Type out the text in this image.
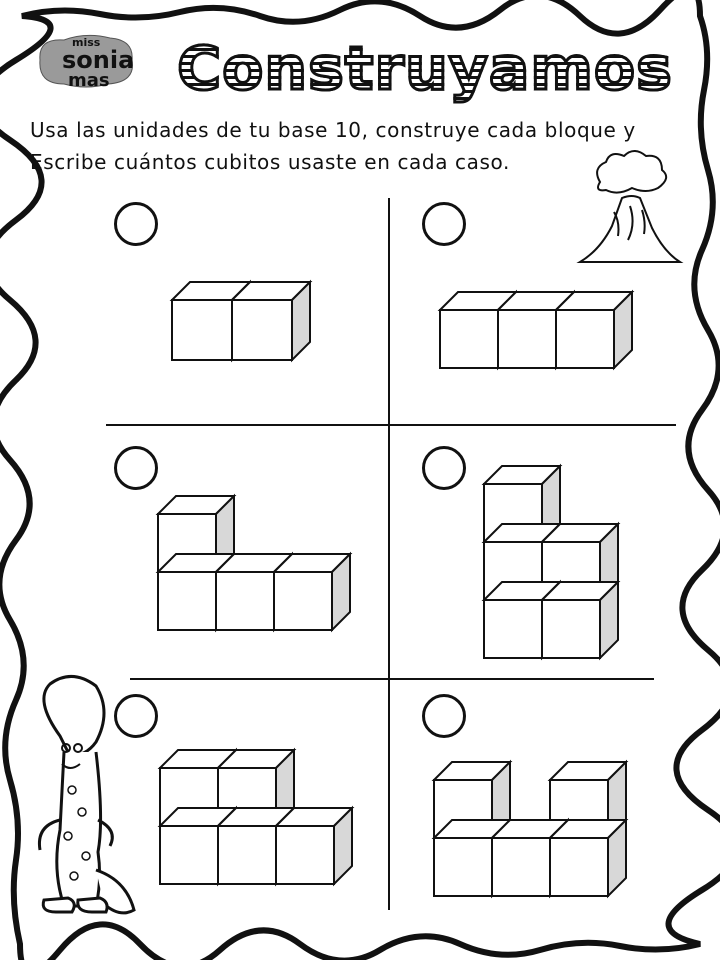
miss
sonia
mas Construyamos
Usa las unidades de tu base 10, construye cada bloque y
Escribe cuántos cubitos usaste en cada caso.
